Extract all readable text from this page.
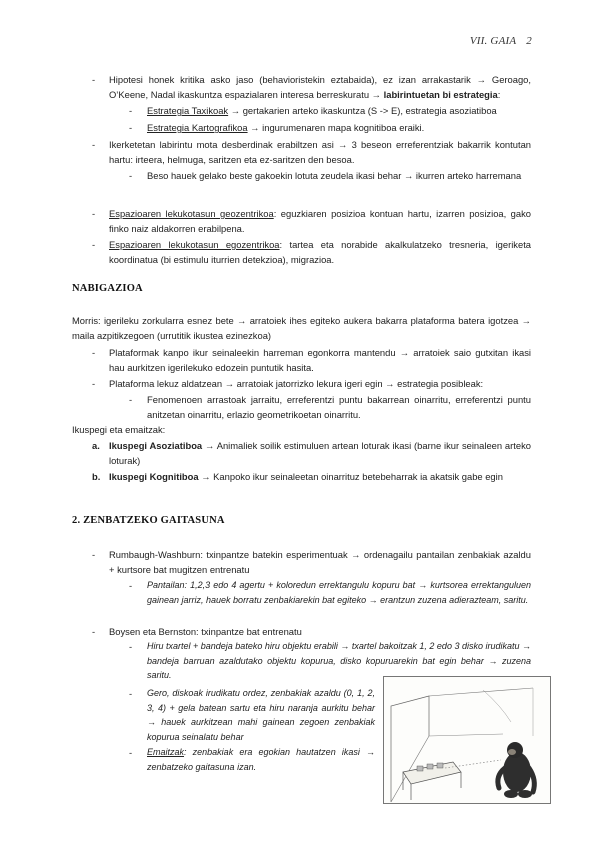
VII. GAIA 2
- Hipotesi honek kritika asko jaso (behavioristekin eztabaida), ez izan arrakastarik → Geroago, O’Keene, Nadal ikaskuntza espazialaren interesa berreskuratu → labirintuetan bi estrategia:
- Estrategia Taxikoak → gertakarien arteko ikaskuntza (S -> E), estrategia asoziatiboa
- Estrategia Kartografikoa → ingurumenaren mapa kognitiboa eraiki.
- Ikerketetan labirintu mota desberdinak erabiltzen asi → 3 beseon erreferentziak bakarrik kontutan hartu: irteera, helmuga, saritzen eta ez-saritzen den besoa.
- Beso hauek gelako beste gakoekin lotuta zeudela ikasi behar → ikurren arteko harremana
- Espazioaren lekukotasun geozentrikoa: eguzkiaren posizioa kontuan hartu, izarren posizioa, gako finko naiz aldakorren erabilpena.
- Espazioaren lekukotasun egozentrikoa: tartea eta norabide akalkulatzeko tresneria, igeriketa koordinatua (bi estimulu iturrien detekzioa), migrazioa.
NABIGAZIOA
Morris: igerileku zorkularra esnez bete → arratoiek ihes egiteko aukera bakarra plataforma batera igotzea → maila azpitikzegoen (urrutitik ikustea ezinezkoa)
- Plataformak kanpo ikur seinaleekin harreman egonkorra mantendu → arratoiek saio gutxitan ikasi hau aurkitzen igerilekuko edozein puntutik hasita.
- Plataforma lekuz aldatzean → arratoiak jatorrizko lekura igeri egin → estrategia posibleak:
- Fenomenoen arrastoak jarraitu, erreferentzi puntu bakarrean oinarritu, erreferentzi puntu anitzetan oinarritu, erlazio geometrikoetan oinarritu.
Ikuspegi eta emaitzak:
a. Ikuspegi Asoziatiboa → Animaliek soilik estimuluen artean loturak ikasi (barne ikur seinaleen arteko loturak)
b. Ikuspegi Kognitiboa → Kanpoko ikur seinaleetan oinarrituz betebeharrak ia akatsik gabe egin
2. ZENBATZEKO GAITASUNA
- Rumbaugh-Washburn: txinpantze batekin esperimentuak → ordenagailu pantailan zenbakiak azaldu + kurtsore bat mugitzen entrenatu
- Pantailan: 1,2,3 edo 4 agertu + koloredun errektangulu kopuru bat → kurtsorea errektanguluen gainean jarriz, hauek borratu zenbakiarekin bat egiteko → erantzun zuzena adierazteam, saritu.
- Boysen eta Bernston: txinpantze bat entrenatu
- Hiru txartel + bandeja bateko hiru objektu erabili → txartel bakoitzak 1, 2 edo 3 disko irudikatu → bandeja barruan azaldutako objektu kopurua, disko kopuruarekin bat egin behar → zuzena saritu.
- Gero, diskoak irudikatu ordez, zenbakiak azaldu (0, 1, 2, 3, 4) + gela batean sartu eta hiru naranja aurkitu behar → hauek aurkitzean mahi gainean zegoen zenbakiak kopurua seinalatu behar
- Emaitzak: zenbakiak era egokian hautatzen ikasi → zenbatzeko gaitasuna izan.
